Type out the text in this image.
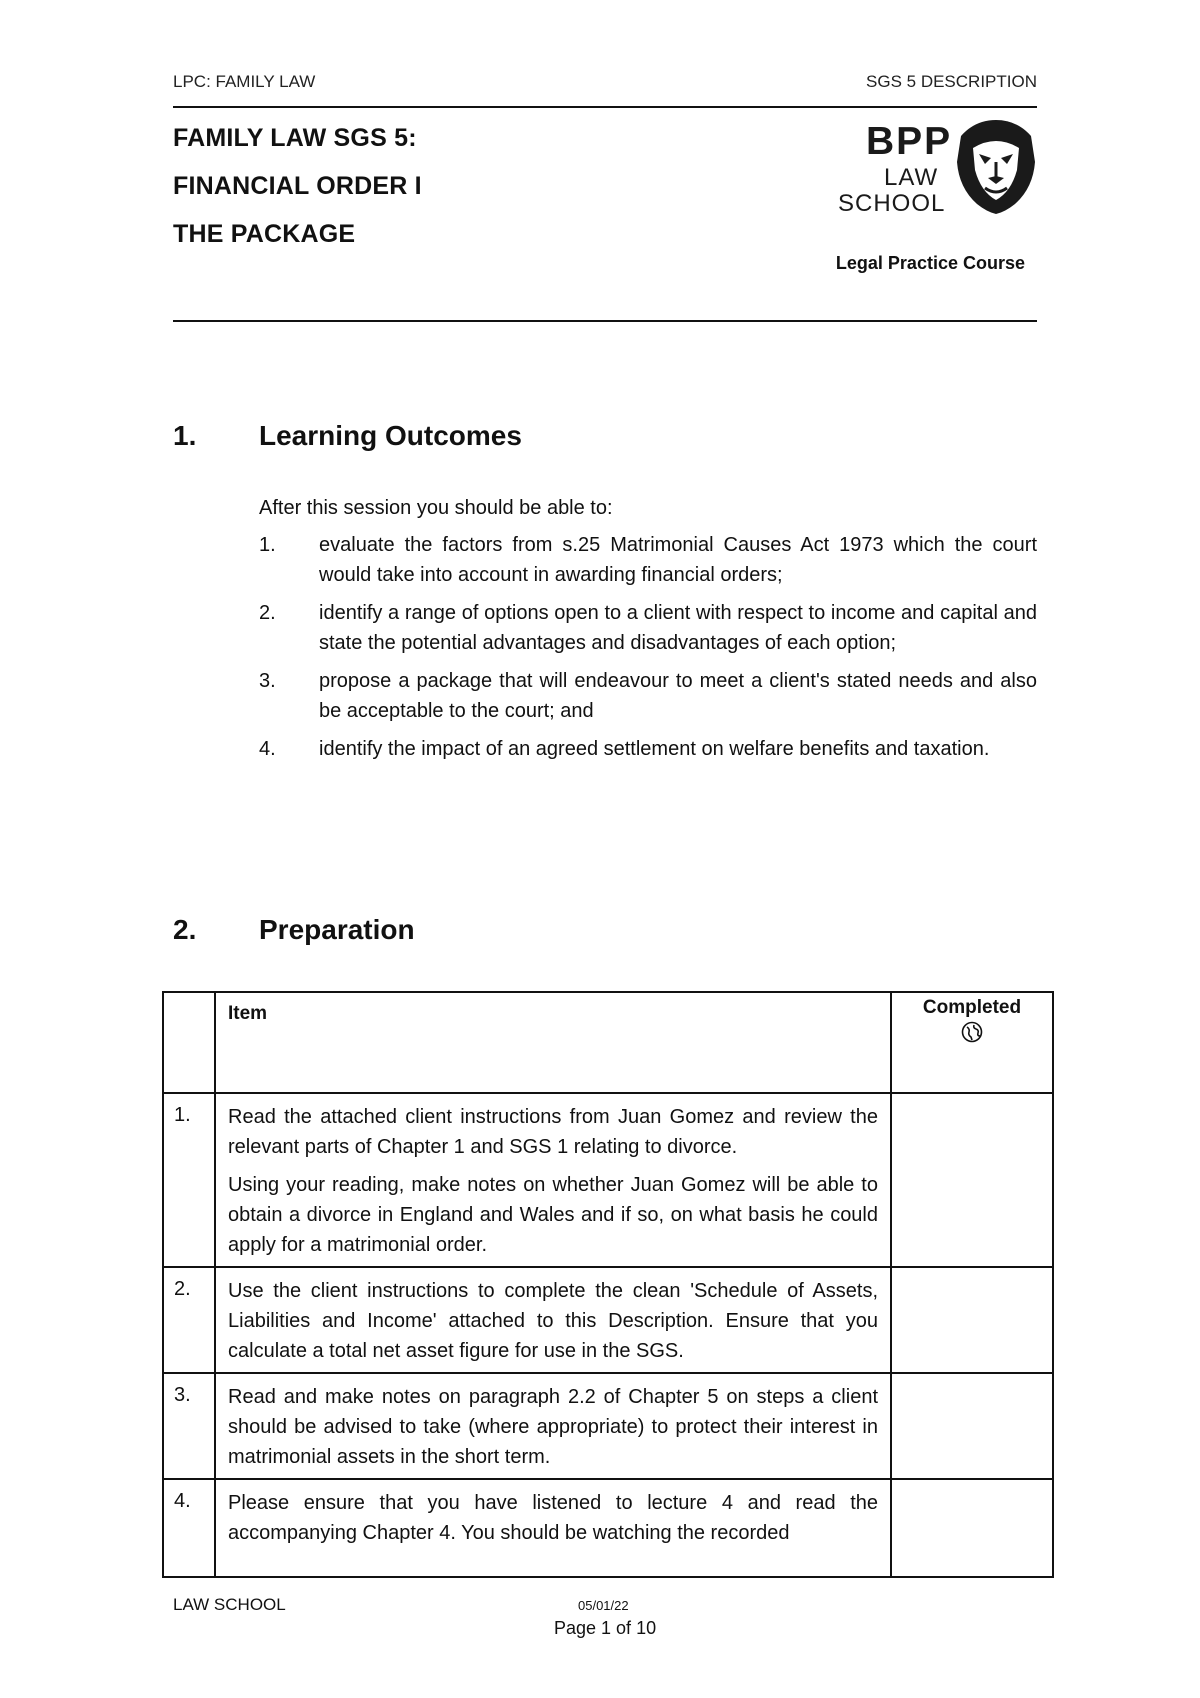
LPC: FAMILY LAW	SGS 5 DESCRIPTION
FAMILY LAW SGS 5:
FINANCIAL ORDER I
THE PACKAGE
BPP
LAW
SCHOOL
Legal Practice Course
1. Learning Outcomes
After this session you should be able to:
1. evaluate the factors from s.25 Matrimonial Causes Act 1973 which the court would take into account in awarding financial orders;
2. identify a range of options open to a client with respect to income and capital and state the potential advantages and disadvantages of each option;
3. propose a package that will endeavour to meet a client's stated needs and also be acceptable to the court; and
4. identify the impact of an agreed settlement on welfare benefits and taxation.
2. Preparation
	Item	Completed

1.	Read the attached client instructions from Juan Gomez and review the relevant parts of Chapter 1 and SGS 1 relating to divorce.

Using your reading, make notes on whether Juan Gomez will be able to obtain a divorce in England and Wales and if so, on what basis he could apply for a matrimonial order.	

2.	Use the client instructions to complete the clean 'Schedule of Assets, Liabilities and Income' attached to this Description. Ensure that you calculate a total net asset figure for use in the SGS.	

3.	Read and make notes on paragraph 2.2 of Chapter 5 on steps a client should be advised to take (where appropriate) to protect their interest in matrimonial assets in the short term.	

4.	Please ensure that you have listened to lecture 4 and read the accompanying Chapter 4. You should be watching the recorded	

LAW SCHOOL	05/01/22
Page 1 of 10
